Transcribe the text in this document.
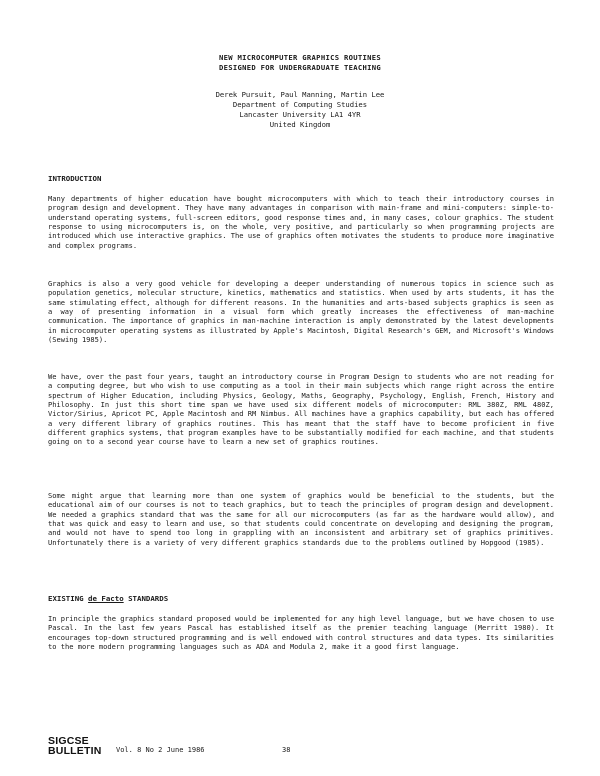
NEW MICROCOMPUTER GRAPHICS ROUTINES
DESIGNED FOR UNDERGRADUATE TEACHING
Derek Pursuit, Paul Manning, Martin Lee
Department of Computing Studies
Lancaster University LA1 4YR
United Kingdom
INTRODUCTION

Many departments of higher education have bought microcomputers with which to teach their introductory courses in program design and development. They have many advantages in comparison with main-frame and mini-computers: simple-to-understand operating systems, full-screen editors, good response times and, in many cases, colour graphics. The student response to using microcomputers is, on the whole, very positive, and particularly so when programming projects are introduced which use interactive graphics. The use of graphics often motivates the students to produce more imaginative and complex programs.

Graphics is also a very good vehicle for developing a deeper understanding of numerous topics in science such as population genetics, molecular structure, kinetics, mathematics and statistics. When used by arts students, it has the same stimulating effect, although for different reasons. In the humanities and arts-based subjects graphics is seen as a way of presenting information in a visual form which greatly increases the effectiveness of man-machine communication. The importance of graphics in man-machine interaction is amply demonstrated by the latest developments in microcomputer operating systems as illustrated by Apple's Macintosh, Digital Research's GEM, and Microsoft's Windows (Sewing 1985).

We have, over the past four years, taught an introductory course in Program Design to students who are not reading for a computing degree, but who wish to use computing as a tool in their main subjects which range right across the entire spectrum of Higher Education, including Physics, Geology, Maths, Geography, Psychology, English, French, History and Philosophy. In just this short time span we have used six different models of microcomputer: RML 380Z, RML 480Z, Victor/Sirius, Apricot PC, Apple Macintosh and RM Nimbus. All machines have a graphics capability, but each has offered a very different library of graphics routines. This has meant that the staff have to become proficient in five different graphics systems, that program examples have to be substantially modified for each machine, and that students going on to a second year course have to learn a new set of graphics routines.

Some might argue that learning more than one system of graphics would be beneficial to the students, but the educational aim of our courses is not to teach graphics, but to teach the principles of program design and development. We needed a graphics standard that was the same for all our microcomputers (as far as the hardware would allow), and that was quick and easy to learn and use, so that students could concentrate on developing and designing the program, and would not have to spend too long in grappling with an inconsistent and arbitrary set of graphics primitives. Unfortunately there is a variety of very different graphics standards due to the problems outlined by Hopgood (1985).

EXISTING de Facto STANDARDS

In principle the graphics standard proposed would be implemented for any high level language, but we have chosen to use Pascal. In the last few years Pascal has established itself as the premier teaching language (Merritt 1980). It encourages top-down structured programming and is well endowed with control structures and data types. Its similarities to the more modern programming languages such as ADA and Modula 2, make it a good first language.

SIGCSE
BULLETIN Vol. 8 No 2 June 1986	38
